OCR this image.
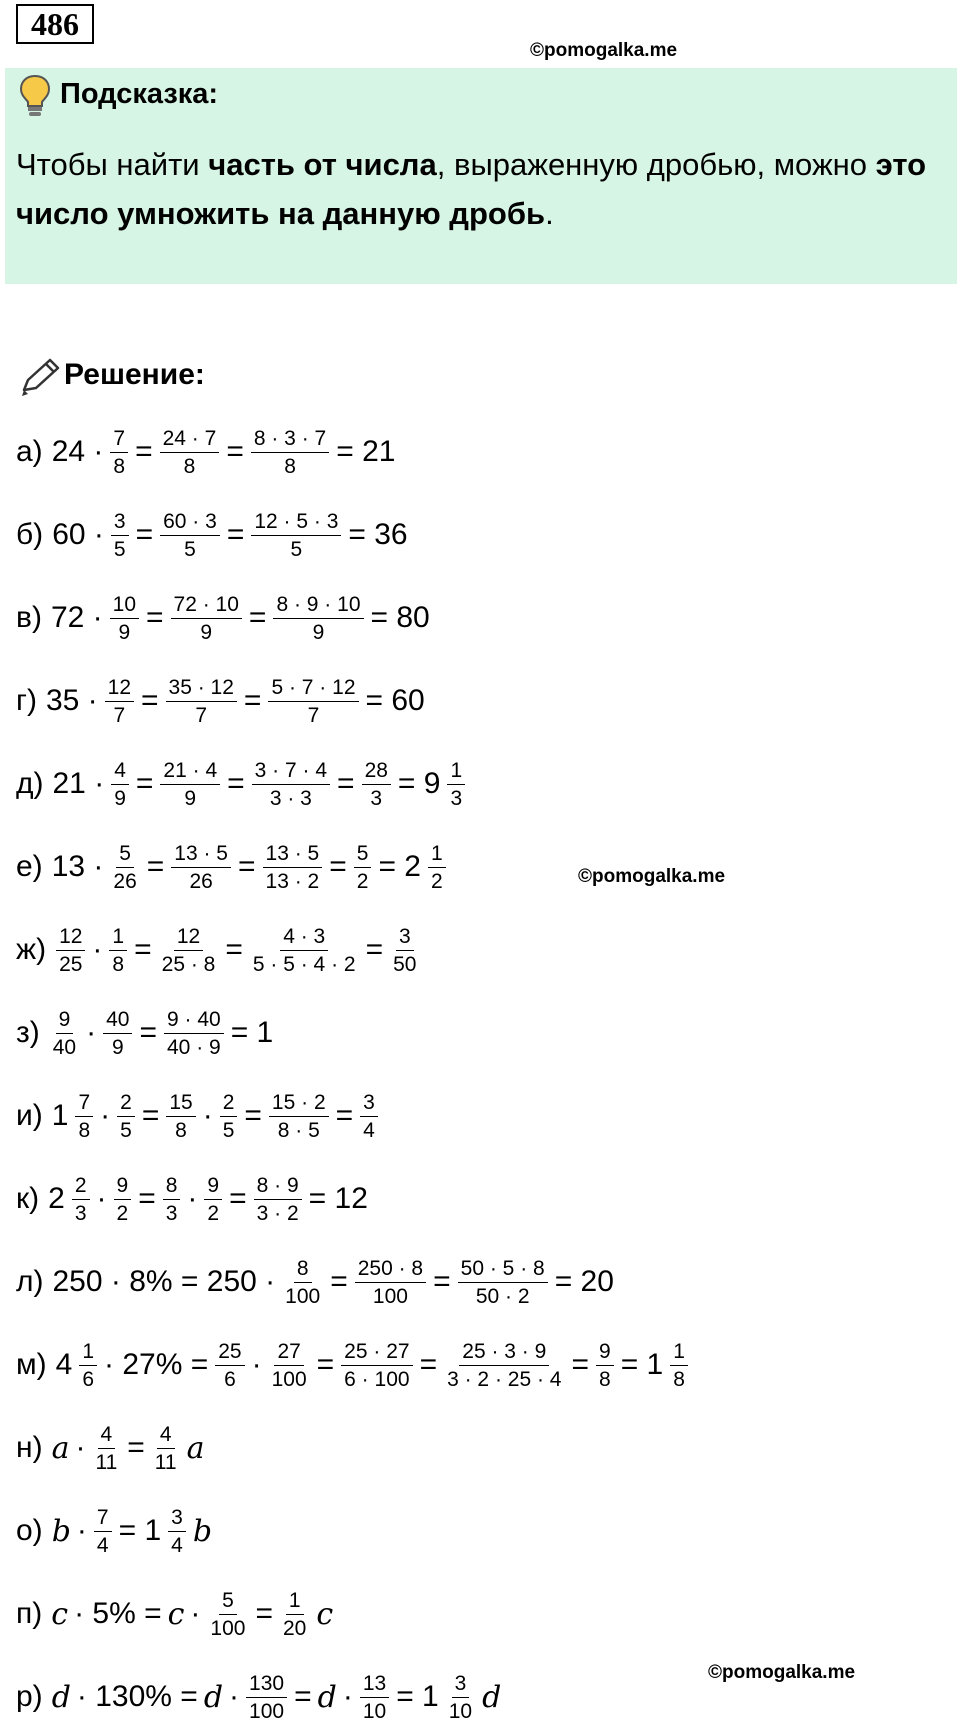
486
©pomogalka.me
Подсказка:
Чтобы найти часть от числа, выраженную дробью, можно это число умножить на данную дробь.
Решение:
©pomogalka.me
©pomogalka.me
а) $24 \cdot \frac{7}{8} = \frac{24 \cdot 7}{8} = \frac{8 \cdot 3 \cdot 7}{8} = 21$
б) $60 \cdot \frac{3}{5} = \frac{60 \cdot 3}{5} = \frac{12 \cdot 5 \cdot 3}{5} = 36$
в) $72 \cdot \frac{10}{9} = \frac{72 \cdot 10}{9} = \frac{8 \cdot 9 \cdot 10}{9} = 80$
г) $35 \cdot \frac{12}{7} = \frac{35 \cdot 12}{7} = \frac{5 \cdot 7 \cdot 12}{7} = 60$
д) $21 \cdot \frac{4}{9} = \frac{21 \cdot 4}{9} = \frac{3 \cdot 7 \cdot 4}{3 \cdot 3} = \frac{28}{3} = 9 \frac{1}{3}$
е) $13 \cdot \frac{5}{26} = \frac{13 \cdot 5}{26} = \frac{13 \cdot 5}{13 \cdot 2} = \frac{5}{2} = 2 \frac{1}{2}$
$ж) \frac{12}{25} \cdot \frac{1}{8} = \frac{12}{25 \cdot 8} = \frac{4 \cdot 3}{5 \cdot 5 \cdot 4 \cdot 2} = \frac{3}{50}$
$з) \frac{9}{40} \cdot \frac{40}{9} = \frac{9 \cdot 40}{40 \cdot 9} = 1$
и) $1 \frac{7}{8} \cdot \frac{2}{5} = \frac{15}{8} \cdot \frac{2}{5} = \frac{15 \cdot 2}{8 \cdot 5} = \frac{3}{4}$
к) $2 \frac{2}{3} \cdot \frac{9}{2} = \frac{8}{3} \cdot \frac{9}{2} = \frac{8 \cdot 9}{3 \cdot 2} = 12$
л) $250 \cdot 8\% = 250 \cdot \frac{8}{100} = \frac{250 \cdot 8}{100} = \frac{50 \cdot 5 \cdot 8}{50 \cdot 2} = 20$
м) $4 \frac{1}{6} \cdot 27\% = \frac{25}{6} \cdot \frac{27}{100} = \frac{25 \cdot 27}{6 \cdot 100} = \frac{25 \cdot 3 \cdot 9}{3 \cdot 2 \cdot 25 \cdot 4} = \frac{9}{8} = 1 \frac{1}{8}$
н) $a \cdot \frac{4}{11} = \frac{4}{11}$ a
о) $b \cdot \frac{7}{4} = 1 \frac{3}{4}$ b
п) $c \cdot 5\% = c \cdot \frac{5}{100} = \frac{1}{20}$ c
р) $d \cdot 130\% = d \cdot \frac{130}{100} = d \cdot \frac{13}{10} = 1 \frac{3}{10}$ d
